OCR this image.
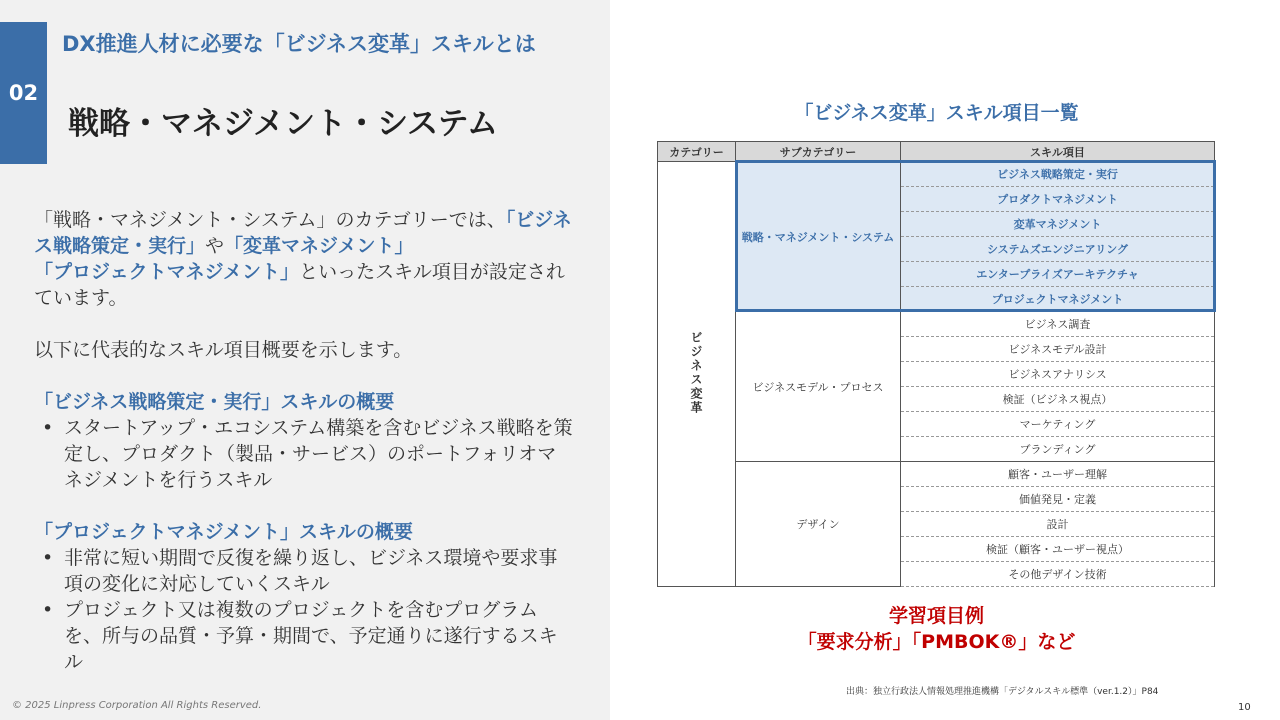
02
DX推進人材に必要な「ビジネス変革」スキルとは
戦略・マネジメント・システム

「戦略・マネジメント・システム」のカテゴリーでは、「ビジネス戦略策定・実行」や「変革マネジメント」
「プロジェクトマネジメント」といったスキル項目が設定されています。

以下に代表的なスキル項目概要を示します。

「ビジネス戦略策定・実行」スキルの概要

• スタートアップ・エコシステム構築を含むビジネス戦略を策定し、プロダクト（製品・サービス）のポートフォリオマネジメントを行うスキル

「プロジェクトマネジメント」スキルの概要

• 非常に短い期間で反復を繰り返し、ビジネス環境や要求事項の変化に対応していくスキル
• プロジェクト又は複数のプロジェクトを含むプログラムを、所与の品質・予算・期間で、予定通りに遂行するスキル
© 2025 Linpress Corporation All Rights Reserved.
「ビジネス変革」スキル項目一覧
カテゴリー	サブカテゴリー	スキル項目
ビジネス変革	戦略・マネジメント・システム	ビジネス戦略策定・実行
		プロダクトマネジメント
		変革マネジメント
		システムズエンジニアリング
		エンタープライズアーキテクチャ
		プロジェクトマネジメント
	ビジネスモデル・プロセス	ビジネス調査
		ビジネスモデル設計
		ビジネスアナリシス
		検証（ビジネス視点）
		マーケティング
		ブランディング
	デザイン	顧客・ユーザー理解
		価値発見・定義
		設計
		検証（顧客・ユーザー視点）
		その他デザイン技術
学習項目例
「要求分析」「PMBOK®」など
出典：独立行政法人情報処理推進機構「デジタルスキル標準（ver.1.2）」P84
10
